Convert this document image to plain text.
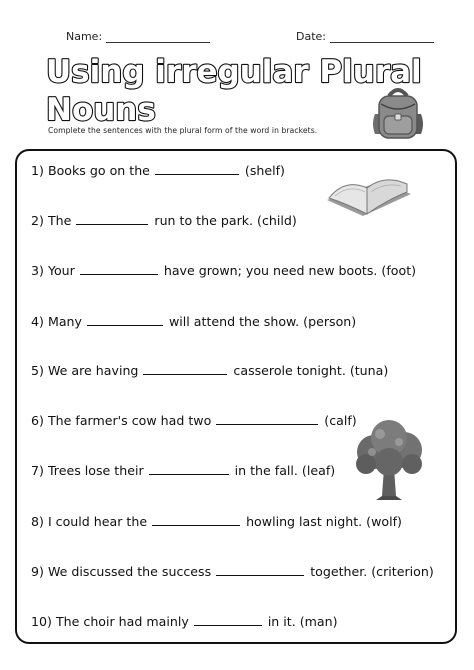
Name:	Date:
Using irregular Plural
Nouns
Complete the sentences with the plural form of the word in brackets.
1) Books go on the	(shelf)
2) The	run to the park. (child)
3) Your	have grown; you need new boots. (foot)
4) Many	will attend the show. (person)
5) We are having	casserole tonight. (tuna)
6) The farmer's cow had two	(calf)
7) Trees lose their	in the fall. (leaf)
8) I could hear the	howling last night. (wolf)
9) We discussed the success	together. (criterion)
10) The choir had mainly	in it. (man)
